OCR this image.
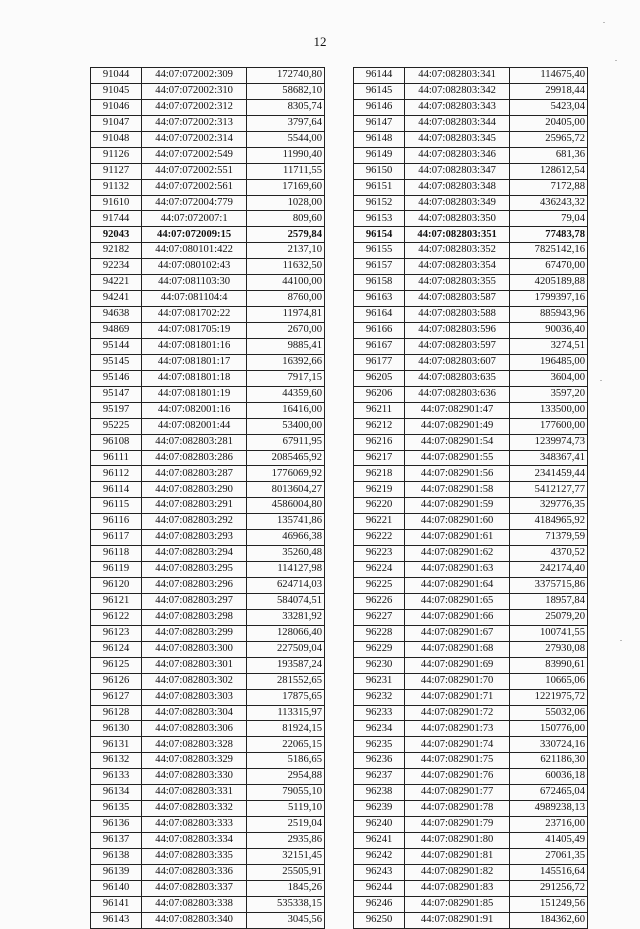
12
91044	44:07:072002:309	172740,80
91045	44:07:072002:310	58682,10
91046	44:07:072002:312	8305,74
91047	44:07:072002:313	3797,64
91048	44:07:072002:314	5544,00
91126	44:07:072002:549	11990,40
91127	44:07:072002:551	11711,55
91132	44:07:072002:561	17169,60
91610	44:07:072004:779	1028,00
91744	44:07:072007:1	809,60
92043	44:07:072009:15	2579,84
92182	44:07:080101:422	2137,10
92234	44:07:080102:43	11632,50
94221	44:07:081103:30	44100,00
94241	44:07:081104:4	8760,00
94638	44:07:081702:22	11974,81
94869	44:07:081705:19	2670,00
95144	44:07:081801:16	9885,41
95145	44:07:081801:17	16392,66
95146	44:07:081801:18	7917,15
95147	44:07:081801:19	44359,60
95197	44:07:082001:16	16416,00
95225	44:07:082001:44	53400,00
96108	44:07:082803:281	67911,95
96111	44:07:082803:286	2085465,92
96112	44:07:082803:287	1776069,92
96114	44:07:082803:290	8013604,27
96115	44:07:082803:291	4586004,80
96116	44:07:082803:292	135741,86
96117	44:07:082803:293	46966,38
96118	44:07:082803:294	35260,48
96119	44:07:082803:295	114127,98
96120	44:07:082803:296	624714,03
96121	44:07:082803:297	584074,51
96122	44:07:082803:298	33281,92
96123	44:07:082803:299	128066,40
96124	44:07:082803:300	227509,04
96125	44:07:082803:301	193587,24
96126	44:07:082803:302	281552,65
96127	44:07:082803:303	17875,65
96128	44:07:082803:304	113315,97
96130	44:07:082803:306	81924,15
96131	44:07:082803:328	22065,15
96132	44:07:082803:329	5186,65
96133	44:07:082803:330	2954,88
96134	44:07:082803:331	79055,10
96135	44:07:082803:332	5119,10
96136	44:07:082803:333	2519,04
96137	44:07:082803:334	2935,86
96138	44:07:082803:335	32151,45
96139	44:07:082803:336	25505,91
96140	44:07:082803:337	1845,26
96141	44:07:082803:338	535338,15
96143	44:07:082803:340	3045,56
96144	44:07:082803:341	114675,40
96145	44:07:082803:342	29918,44
96146	44:07:082803:343	5423,04
96147	44:07:082803:344	20405,00
96148	44:07:082803:345	25965,72
96149	44:07:082803:346	681,36
96150	44:07:082803:347	128612,54
96151	44:07:082803:348	7172,88
96152	44:07:082803:349	436243,32
96153	44:07:082803:350	79,04
96154	44:07:082803:351	77483,78
96155	44:07:082803:352	7825142,16
96157	44:07:082803:354	67470,00
96158	44:07:082803:355	4205189,88
96163	44:07:082803:587	1799397,16
96164	44:07:082803:588	885943,96
96166	44:07:082803:596	90036,40
96167	44:07:082803:597	3274,51
96177	44:07:082803:607	196485,00
96205	44:07:082803:635	3604,00
96206	44:07:082803:636	3597,20
96211	44:07:082901:47	133500,00
96212	44:07:082901:49	177600,00
96216	44:07:082901:54	1239974,73
96217	44:07:082901:55	348367,41
96218	44:07:082901:56	2341459,44
96219	44:07:082901:58	5412127,77
96220	44:07:082901:59	329776,35
96221	44:07:082901:60	4184965,92
96222	44:07:082901:61	71379,59
96223	44:07:082901:62	4370,52
96224	44:07:082901:63	242174,40
96225	44:07:082901:64	3375715,86
96226	44:07:082901:65	18957,84
96227	44:07:082901:66	25079,20
96228	44:07:082901:67	100741,55
96229	44:07:082901:68	27930,08
96230	44:07:082901:69	83990,61
96231	44:07:082901:70	10665,06
96232	44:07:082901:71	1221975,72
96233	44:07:082901:72	55032,06
96234	44:07:082901:73	150776,00
96235	44:07:082901:74	330724,16
96236	44:07:082901:75	621186,30
96237	44:07:082901:76	60036,18
96238	44:07:082901:77	672465,04
96239	44:07:082901:78	4989238,13
96240	44:07:082901:79	23716,00
96241	44:07:082901:80	41405,49
96242	44:07:082901:81	27061,35
96243	44:07:082901:82	145516,64
96244	44:07:082901:83	291256,72
96246	44:07:082901:85	151249,56
96250	44:07:082901:91	184362,60
